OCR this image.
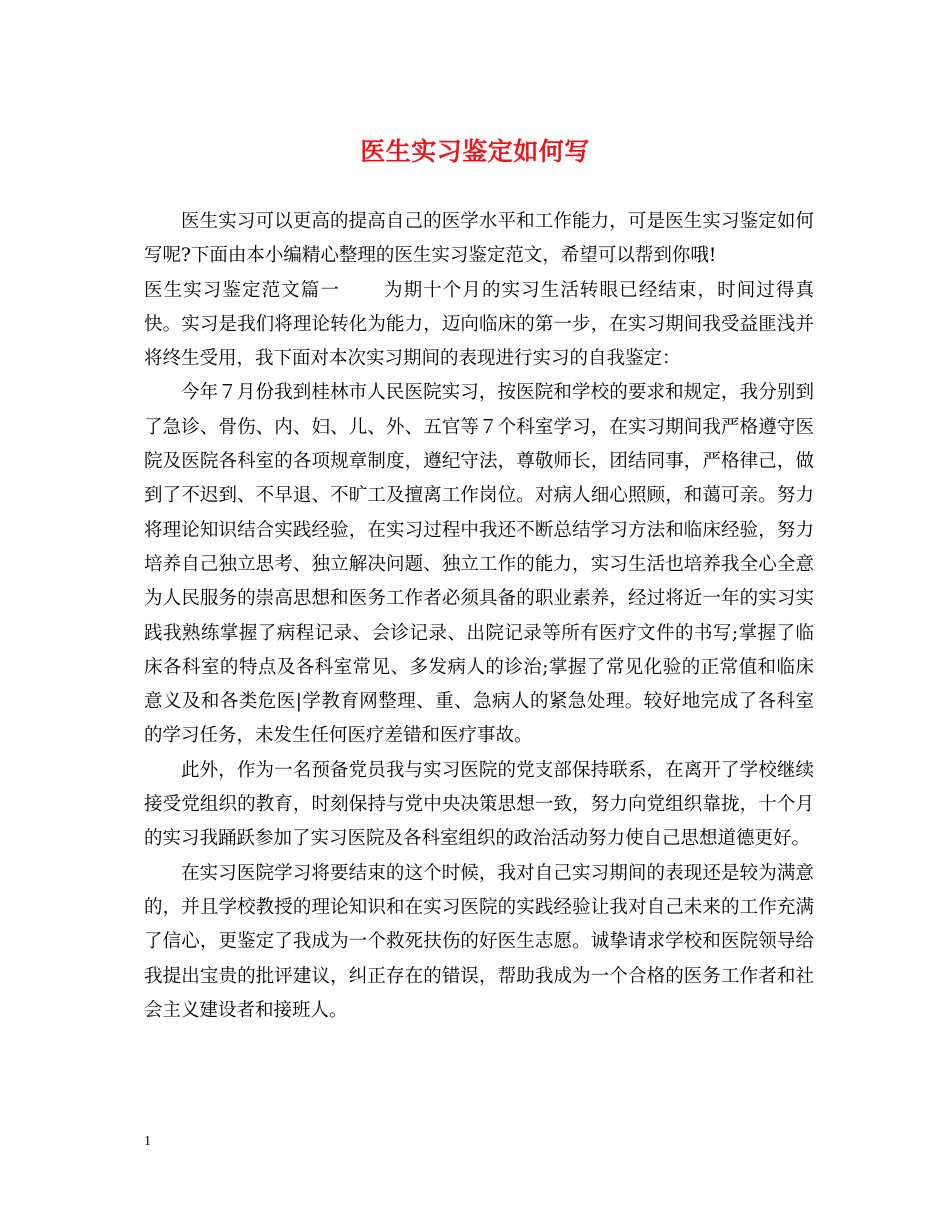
医生实习鉴定如何写

医生实习可以更高的提高自己的医学水平和工作能力，可是医生实习鉴定如何写呢?下面由本小编精心整理的医生实习鉴定范文，希望可以帮到你哦!

医生实习鉴定范文篇一 为期十个月的实习生活转眼已经结束，时间过得真快。实习是我们将理论转化为能力，迈向临床的第一步，在实习期间我受益匪浅并将终生受用，我下面对本次实习期间的表现进行实习的自我鉴定：

今年７月份我到桂林市人民医院实习，按医院和学校的要求和规定，我分别到了急诊、骨伤、内、妇、儿、外、五官等７个科室学习，在实习期间我严格遵守医院及医院各科室的各项规章制度，遵纪守法，尊敬师长，团结同事，严格律己，做到了不迟到、不早退、不旷工及擅离工作岗位。对病人细心照顾，和蔼可亲。努力将理论知识结合实践经验，在实习过程中我还不断总结学习方法和临床经验，努力培养自己独立思考、独立解决问题、独立工作的能力，实习生活也培养我全心全意为人民服务的崇高思想和医务工作者必须具备的职业素养，经过将近一年的实习实践我熟练掌握了病程记录、会诊记录、出院记录等所有医疗文件的书写;掌握了临床各科室的特点及各科室常见、多发病人的诊治;掌握了常见化验的正常值和临床意义及和各类危医|学教育网整理、重、急病人的紧急处理。较好地完成了各科室的学习任务，未发生任何医疗差错和医疗事故。

此外，作为一名预备党员我与实习医院的党支部保持联系，在离开了学校继续接受党组织的教育，时刻保持与党中央决策思想一致，努力向党组织靠拢，十个月的实习我踊跃参加了实习医院及各科室组织的政治活动努力使自己思想道德更好。

在实习医院学习将要结束的这个时候，我对自己实习期间的表现还是较为满意的，并且学校教授的理论知识和在实习医院的实践经验让我对自己未来的工作充满了信心，更鉴定了我成为一个救死扶伤的好医生志愿。诚挚请求学校和医院领导给我提出宝贵的批评建议，纠正存在的错误，帮助我成为一个合格的医务工作者和社会主义建设者和接班人。

1
